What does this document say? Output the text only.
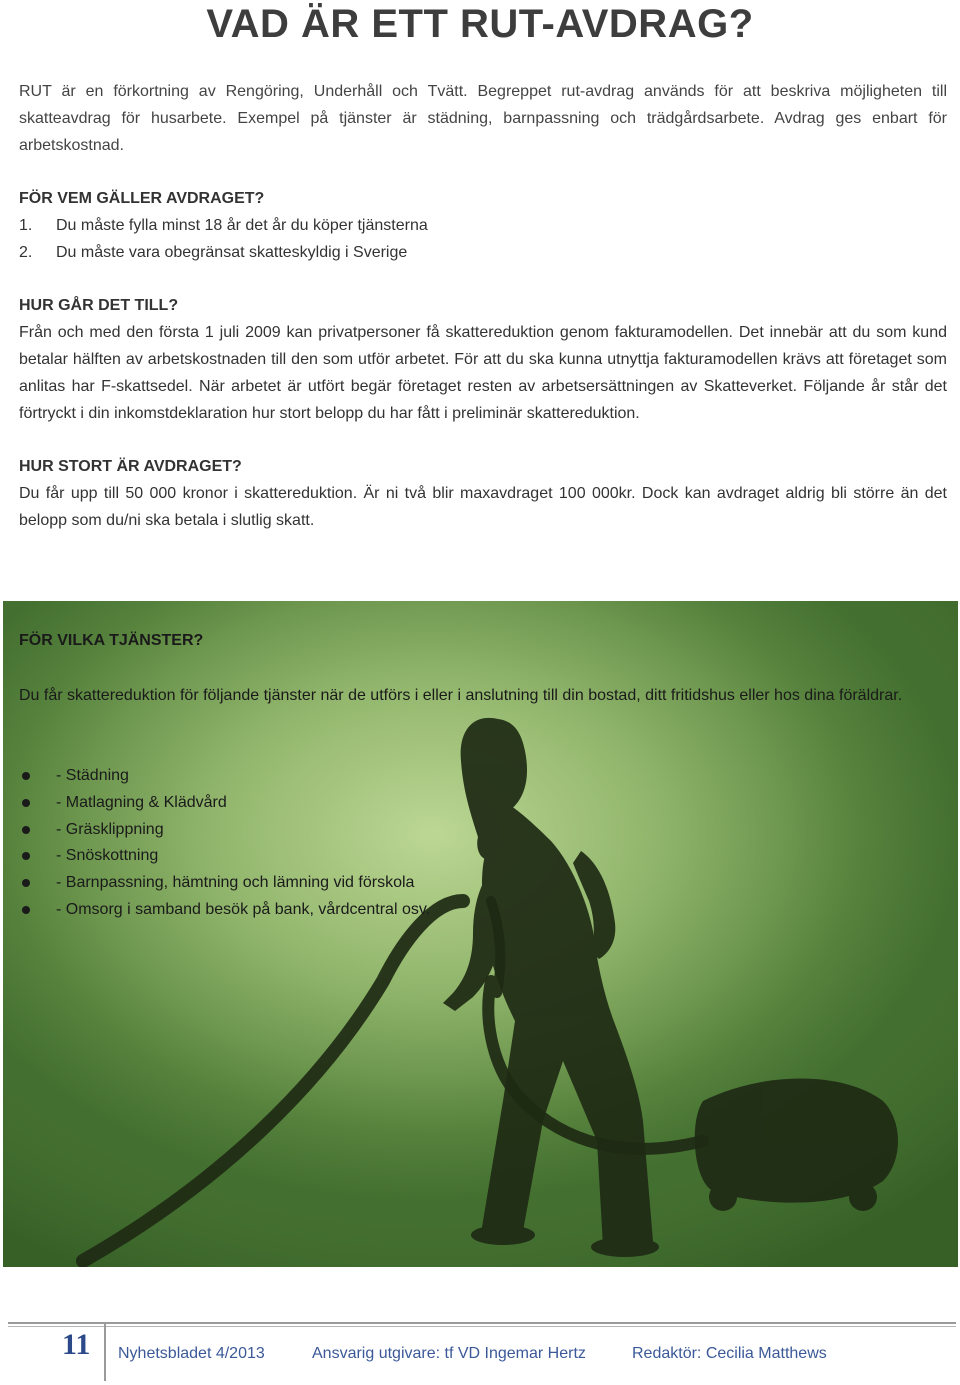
VAD ÄR ETT RUT-AVDRAG?

RUT är en förkortning av Rengöring, Underhåll och Tvätt. Begreppet rut-avdrag används för att beskriva möjligheten till skatteavdrag för husarbete. Exempel på tjänster är städning, barnpassning och trädgårdsarbete. Avdrag ges enbart för arbetskostnad.

FÖR VEM GÄLLER AVDRAGET?

1. Du måste fylla minst 18 år det år du köper tjänsterna
2. Du måste vara obegränsat skatteskyldig i Sverige

HUR GÅR DET TILL?

Från och med den första 1 juli 2009 kan privatpersoner få skattereduktion genom fakturamodellen. Det innebär att du som kund betalar hälften av arbetskostnaden till den som utför arbetet. För att du ska kunna utnyttja fakturamodellen krävs att företaget som anlitas har F-skattsedel. När arbetet är utfört begär företaget resten av arbetsersättningen av Skatteverket. Följande år står det förtryckt i din inkomstdeklaration hur stort belopp du har fått i preliminär skattereduktion.

HUR STORT ÄR AVDRAGET?

Du får upp till 50 000 kronor i skattereduktion. Är ni två blir maxavdraget 100 000kr. Dock kan avdraget aldrig bli större än det belopp som du/ni ska betala i slutlig skatt.

FÖR VILKA TJÄNSTER?

Du får skattereduktion för följande tjänster när de utförs i eller i anslutning till din bostad, ditt fritidshus eller hos dina föräldrar.

- Städning
- Matlagning & Klädvård
- Gräsklippning
- Snöskottning
- Barnpassning, hämtning och lämning vid förskola
- Omsorg i samband besök på bank, vårdcentral osv.
11 Nyhetsbladet 4/2013	Ansvarig utgivare: tf VD Ingemar Hertz	Redaktör: Cecilia Matthews
